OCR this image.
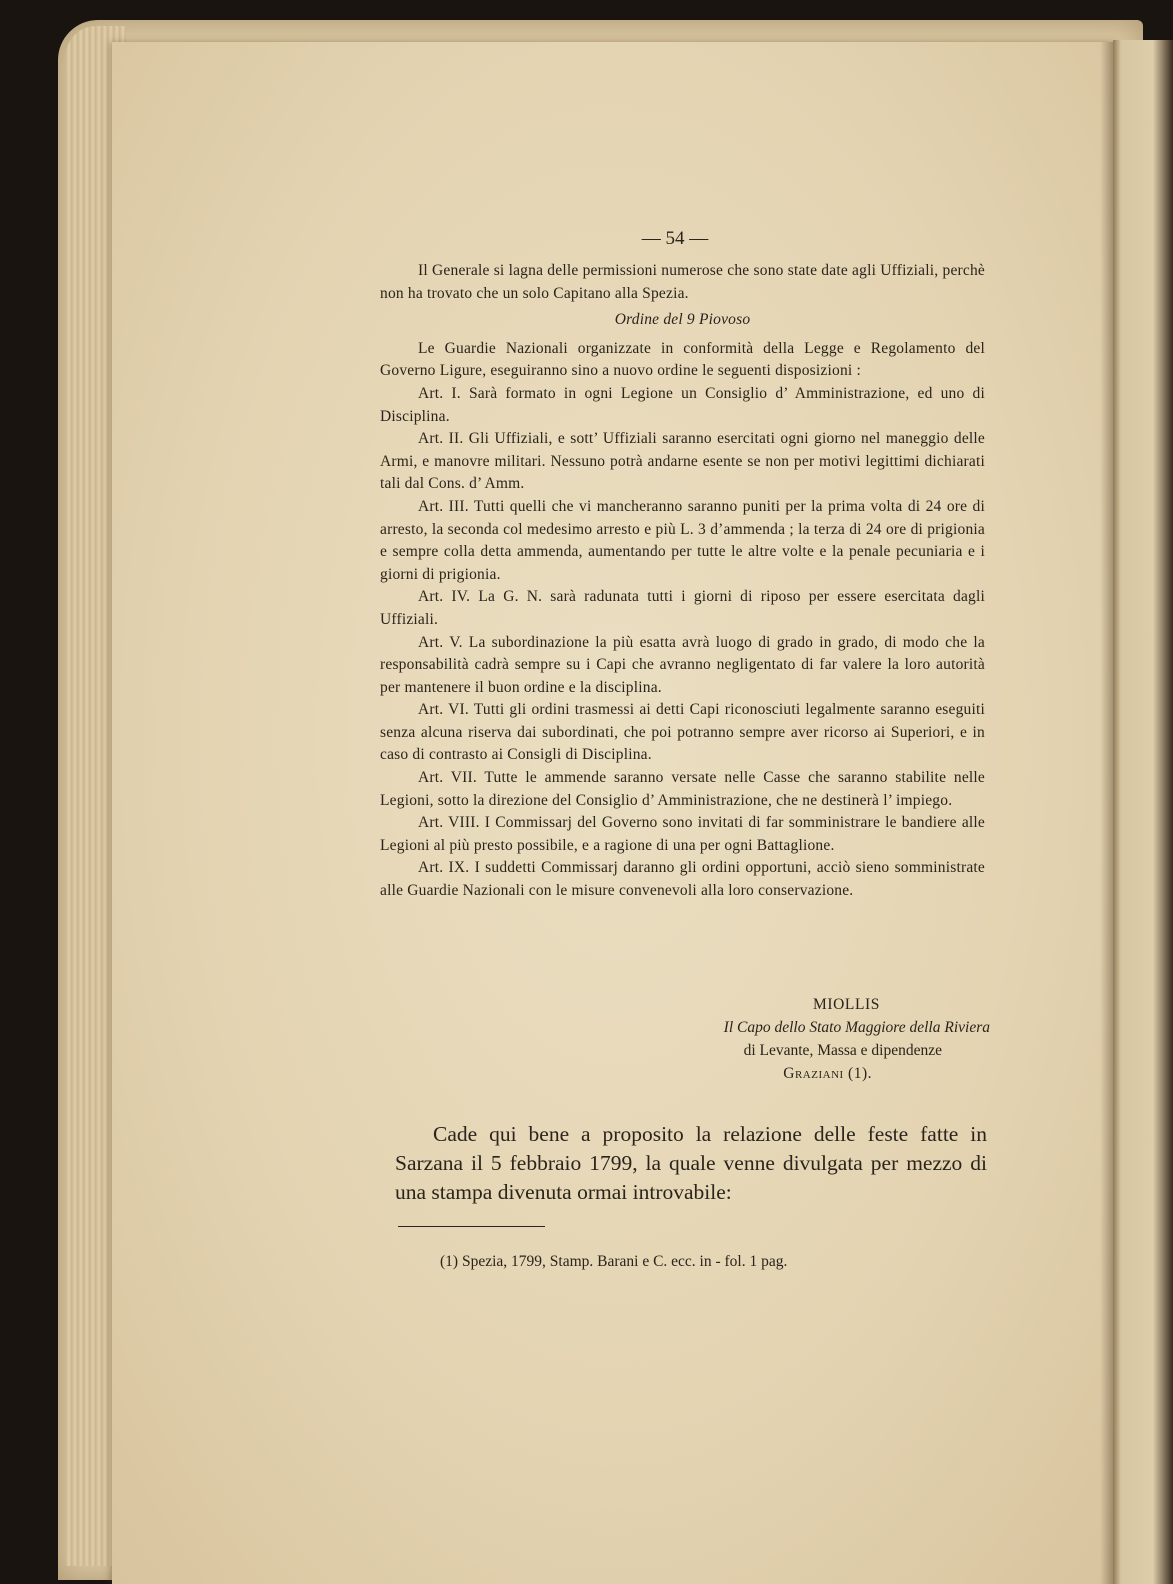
— 54 —

Il Generale si lagna delle permissioni numerose che sono state date agli Uffiziali, perchè non ha trovato che un solo Capitano alla Spezia.

Ordine del 9 Piovoso

Le Guardie Nazionali organizzate in conformità della Legge e Regolamento del Governo Ligure, eseguiranno sino a nuovo ordine le seguenti disposizioni :

Art. I. Sarà formato in ogni Legione un Consiglio d’ Amministrazione, ed uno di Disciplina.

Art. II. Gli Uffiziali, e sott’ Uffiziali saranno esercitati ogni giorno nel maneggio delle Armi, e manovre militari. Nessuno potrà andarne esente se non per motivi legittimi dichiarati tali dal Cons. d’ Amm.

Art. III. Tutti quelli che vi mancheranno saranno puniti per la prima volta di 24 ore di arresto, la seconda col medesimo arresto e più L. 3 d’ammenda ; la terza di 24 ore di prigionia e sempre colla detta ammenda, aumentando per tutte le altre volte e la penale pecuniaria e i giorni di prigionia.

Art. IV. La G. N. sarà radunata tutti i giorni di riposo per essere esercitata dagli Uffiziali.

Art. V. La subordinazione la più esatta avrà luogo di grado in grado, di modo che la responsabilità cadrà sempre su i Capi che avranno negligentato di far valere la loro autorità per mantenere il buon ordine e la disciplina.

Art. VI. Tutti gli ordini trasmessi ai detti Capi riconosciuti legalmente saranno eseguiti senza alcuna riserva dai subordinati, che poi potranno sempre aver ricorso ai Superiori, e in caso di contrasto ai Consigli di Disciplina.

Art. VII. Tutte le ammende saranno versate nelle Casse che saranno stabilite nelle Legioni, sotto la direzione del Consiglio d’ Amministrazione, che ne destinerà l’ impiego.

Art. VIII. I Commissarj del Governo sono invitati di far somministrare le bandiere alle Legioni al più presto possibile, e a ragione di una per ogni Battaglione.

Art. IX. I suddetti Commissarj daranno gli ordini opportuni, acciò sieno somministrate alle Guardie Nazionali con le misure convenevoli alla loro conservazione.

MIOLLIS
Il Capo dello Stato Maggiore della Riviera
di Levante, Massa e dipendenze
Graziani (1).

Cade qui bene a proposito la relazione delle feste fatte in Sarzana il 5 febbraio 1799, la quale venne divulgata per mezzo di una stampa divenuta ormai introvabile:

(1) Spezia, 1799, Stamp. Barani e C. ecc. in - fol. 1 pag.
